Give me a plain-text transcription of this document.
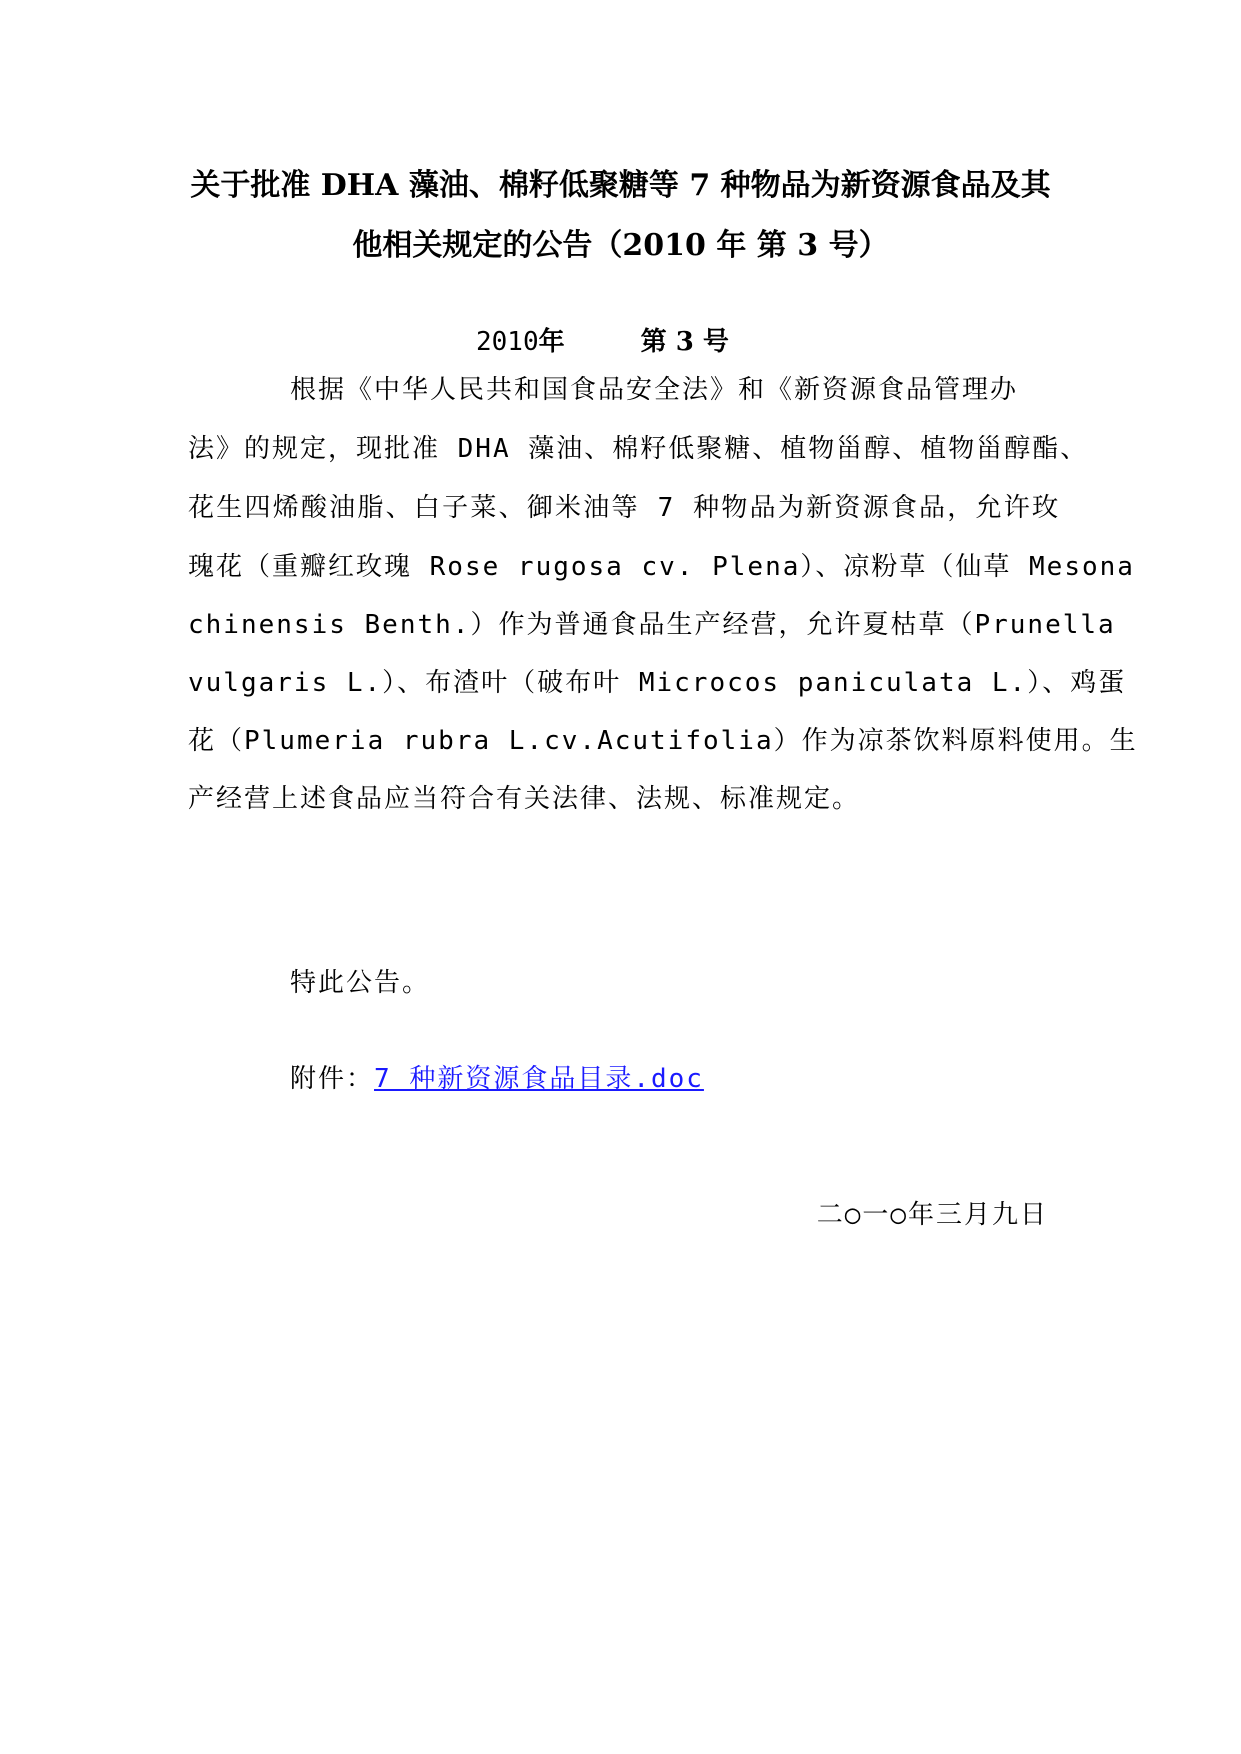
关于批准 DHA 藻油、棉籽低聚糖等 7 种物品为新资源食品及其
他相关规定的公告（2010 年 第 3 号）
2010年	第 3 号
根据《中华人民共和国食品安全法》和《新资源食品管理办
法》的规定，现批准 DHA 藻油、棉籽低聚糖、植物甾醇、植物甾醇酯、
花生四烯酸油脂、白子菜、御米油等 7 种物品为新资源食品，允许玫
瑰花（重瓣红玫瑰 Rose rugosa cv. Plena）、凉粉草（仙草 Mesona
chinensis Benth.）作为普通食品生产经营，允许夏枯草（Prunella
vulgaris L.）、布渣叶（破布叶 Microcos paniculata L.）、鸡蛋
花（Plumeria rubra L.cv.Acutifolia）作为凉茶饮料原料使用。生
产经营上述食品应当符合有关法律、法规、标准规定。
特此公告。
附件：7 种新资源食品目录.doc
二○一○年三月九日
